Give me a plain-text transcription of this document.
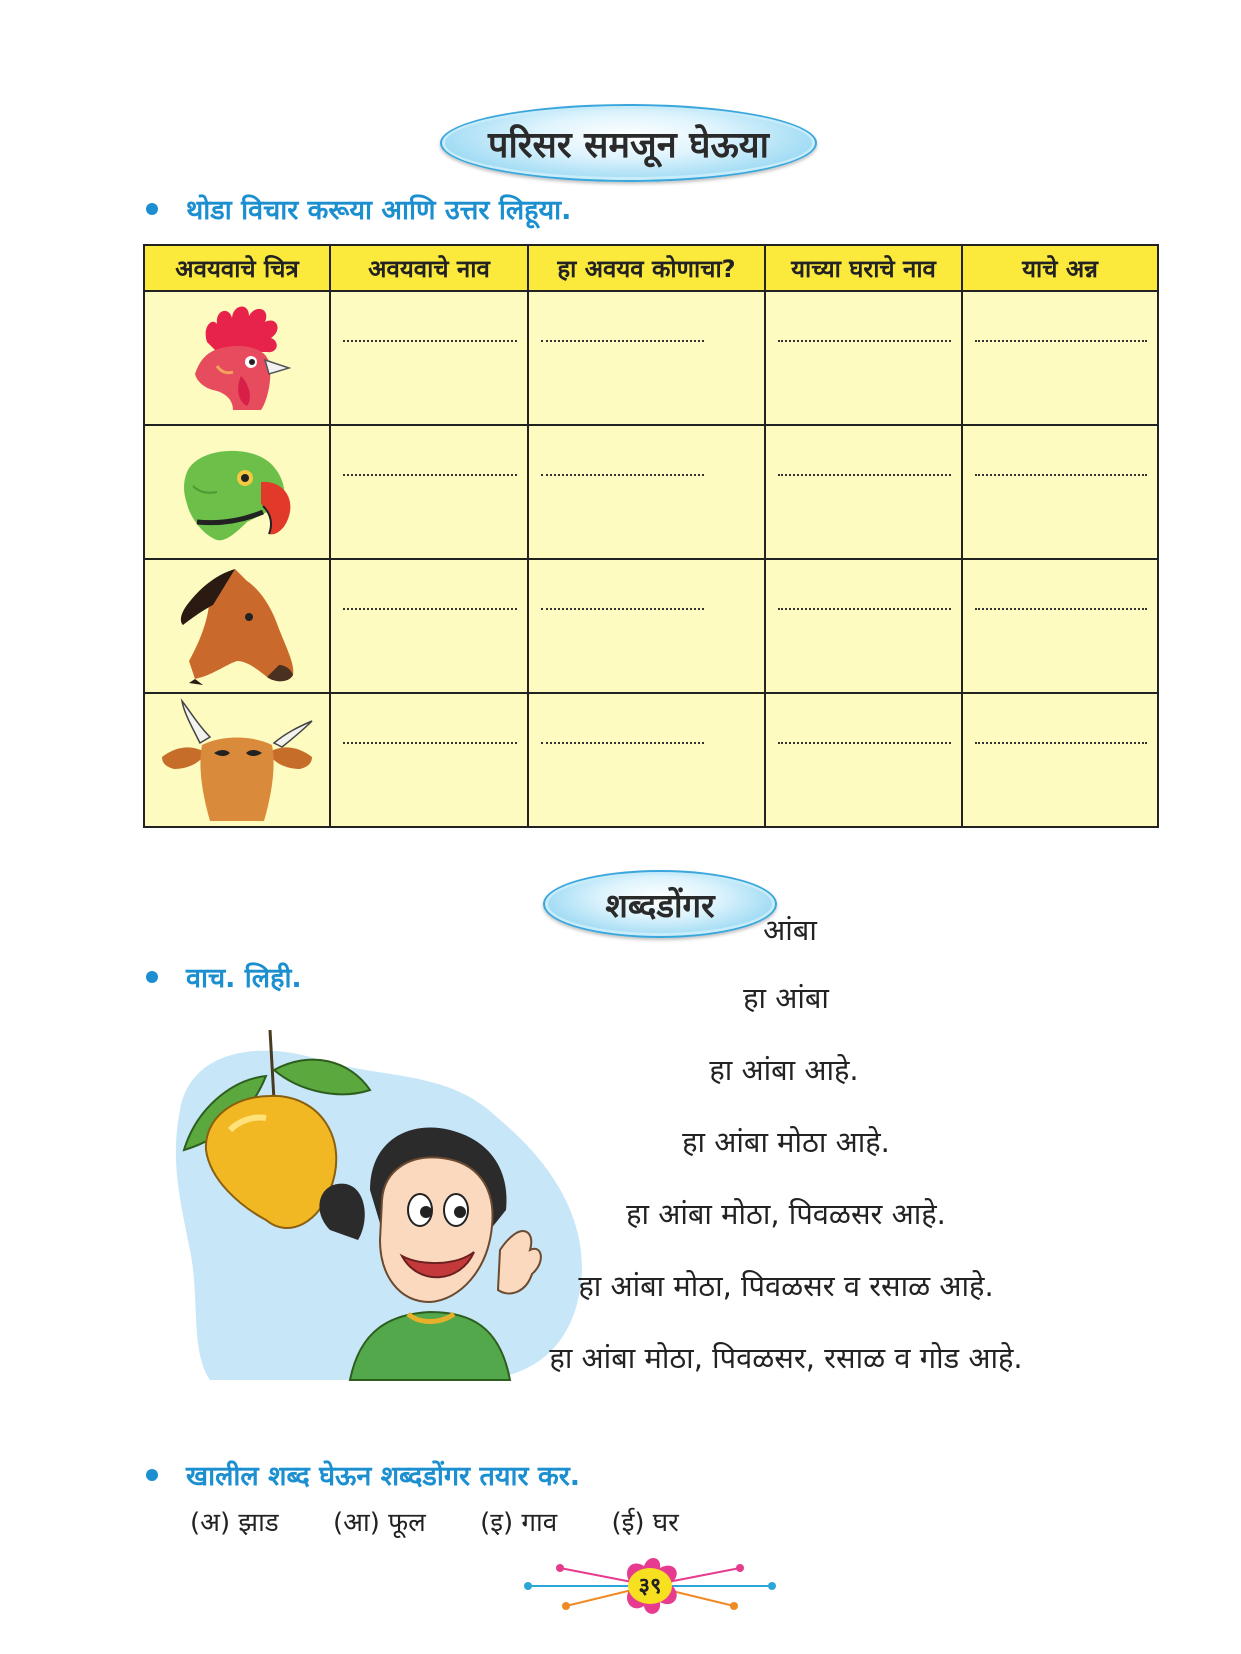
परिसर समजून घेऊया
थोडा विचार करूया आणि उत्तर लिहूया.
अवयवाचे चित्र	अवयवाचे नाव	हा अवयव कोणाचा?	याच्या घराचे नाव	याचे अन्न

शब्दडोंगर
वाच. लिही.
आंबा
हा आंबा
हा आंबा आहे.
हा आंबा मोठा आहे.
हा आंबा मोठा, पिवळसर आहे.
हा आंबा मोठा, पिवळसर व रसाळ आहे.
हा आंबा मोठा, पिवळसर, रसाळ व गोड आहे.
खालील शब्द घेऊन शब्दडोंगर तयार कर.
(अ) झाड (आ) फूल (इ) गाव (ई) घर
३९
